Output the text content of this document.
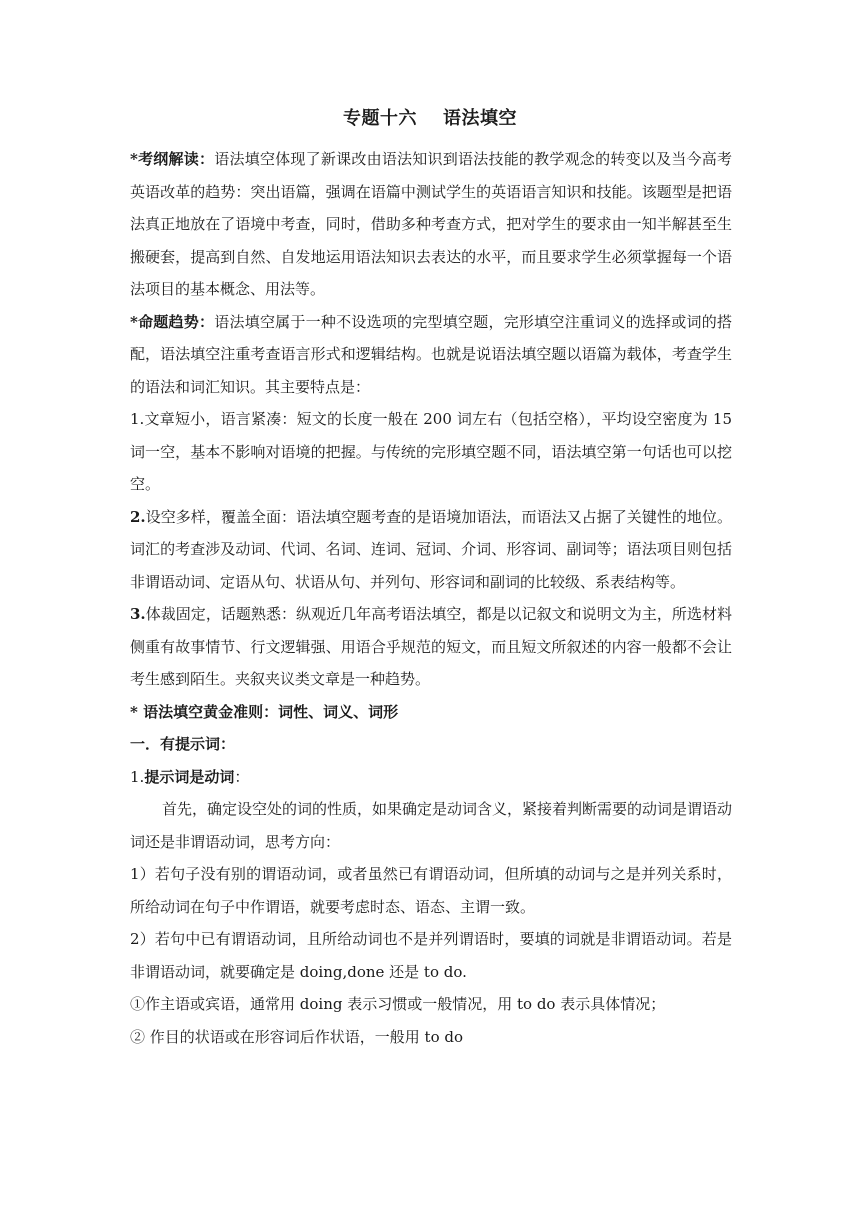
专题十六 语法填空

*考纲解读：语法填空体现了新课改由语法知识到语法技能的教学观念的转变以及当今高考英语改革的趋势：突出语篇，强调在语篇中测试学生的英语语言知识和技能。该题型是把语法真正地放在了语境中考查，同时，借助多种考查方式，把对学生的要求由一知半解甚至生搬硬套，提高到自然、自发地运用语法知识去表达的水平，而且要求学生必须掌握每一个语法项目的基本概念、用法等。

*命题趋势：语法填空属于一种不设选项的完型填空题，完形填空注重词义的选择或词的搭配，语法填空注重考查语言形式和逻辑结构。也就是说语法填空题以语篇为载体，考查学生的语法和词汇知识。其主要特点是：

1.文章短小，语言紧凑：短文的长度一般在 200 词左右（包括空格），平均设空密度为 15 词一空，基本不影响对语境的把握。与传统的完形填空题不同，语法填空第一句话也可以挖空。

2.设空多样，覆盖全面：语法填空题考查的是语境加语法，而语法又占据了关键性的地位。词汇的考查涉及动词、代词、名词、连词、冠词、介词、形容词、副词等；语法项目则包括非谓语动词、定语从句、状语从句、并列句、形容词和副词的比较级、系表结构等。

3.体裁固定，话题熟悉：纵观近几年高考语法填空，都是以记叙文和说明文为主，所选材料侧重有故事情节、行文逻辑强、用语合乎规范的短文，而且短文所叙述的内容一般都不会让考生感到陌生。夹叙夹议类文章是一种趋势。

* 语法填空黄金准则：词性、词义、词形

一．有提示词：

1.提示词是动词：

首先，确定设空处的词的性质，如果确定是动词含义，紧接着判断需要的动词是谓语动词还是非谓语动词，思考方向：

1）若句子没有别的谓语动词，或者虽然已有谓语动词，但所填的动词与之是并列关系时，所给动词在句子中作谓语，就要考虑时态、语态、主谓一致。

2）若句中已有谓语动词，且所给动词也不是并列谓语时，要填的词就是非谓语动词。若是非谓语动词，就要确定是 doing,done 还是 to do.

①作主语或宾语，通常用 doing 表示习惯或一般情况，用 to do 表示具体情况；

② 作目的状语或在形容词后作状语，一般用 to do
